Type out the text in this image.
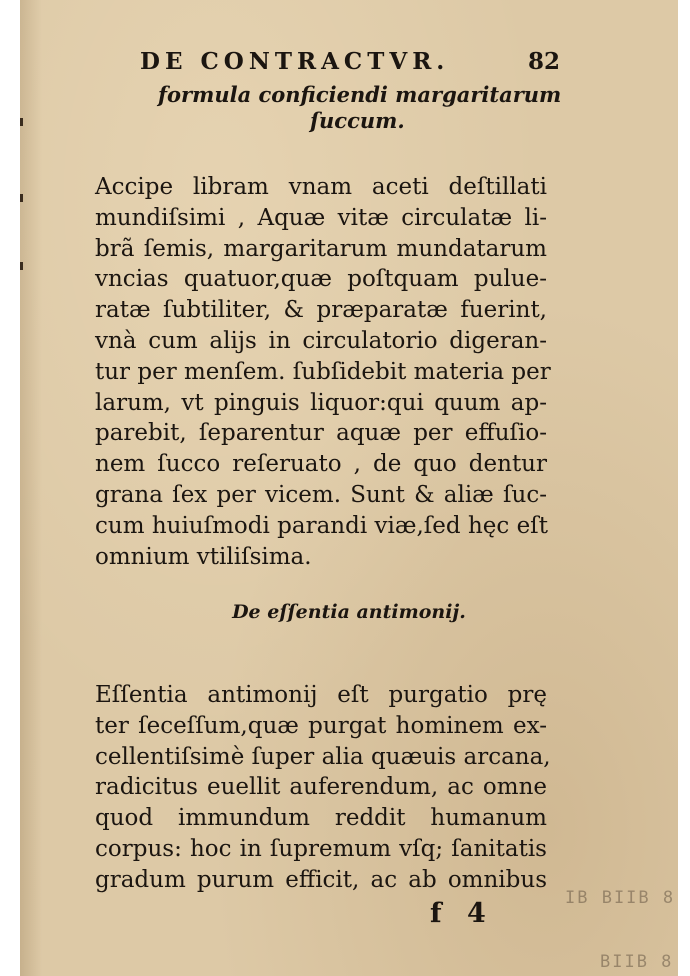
DE CONTRACTVR.	82
formula conficiendi margaritarum
ſuccum.
Accipe libram vnam aceti deſtillati
mundiſsimi , Aquæ vitæ circulatæ li-
brã ſemis, margaritarum mundatarum
vncias quatuor,quæ poſtquam pulue-
ratæ ſubtiliter, & præparatæ fuerint,
vnà cum alijs in circulatorio digeran-
tur per menſem. ſubſidebit materia per
larum, vt pinguis liquor:qui quum ap-
parebit, ſeparentur aquæ per effuſio-
nem ſucco reſeruato , de quo dentur
grana ſex per vicem. Sunt & aliæ ſuc-
cum huiuſmodi parandi viæ,ſed hęc eſt
omnium vtiliſsima.
De eſſentia antimonij.
Eſſentia antimonij eſt purgatio prę
ter ſeceſſum,quæ purgat hominem ex-
cellentiſsimè ſuper alia quæuis arcana,
radicitus euellit auferendum, ac omne
quod immundum reddit humanum
corpus: hoc in ſupremum vſq; ſanitatis
gradum purum efficit, ac ab omnibus
f 4	IB BIIB 8
BIIB 8
